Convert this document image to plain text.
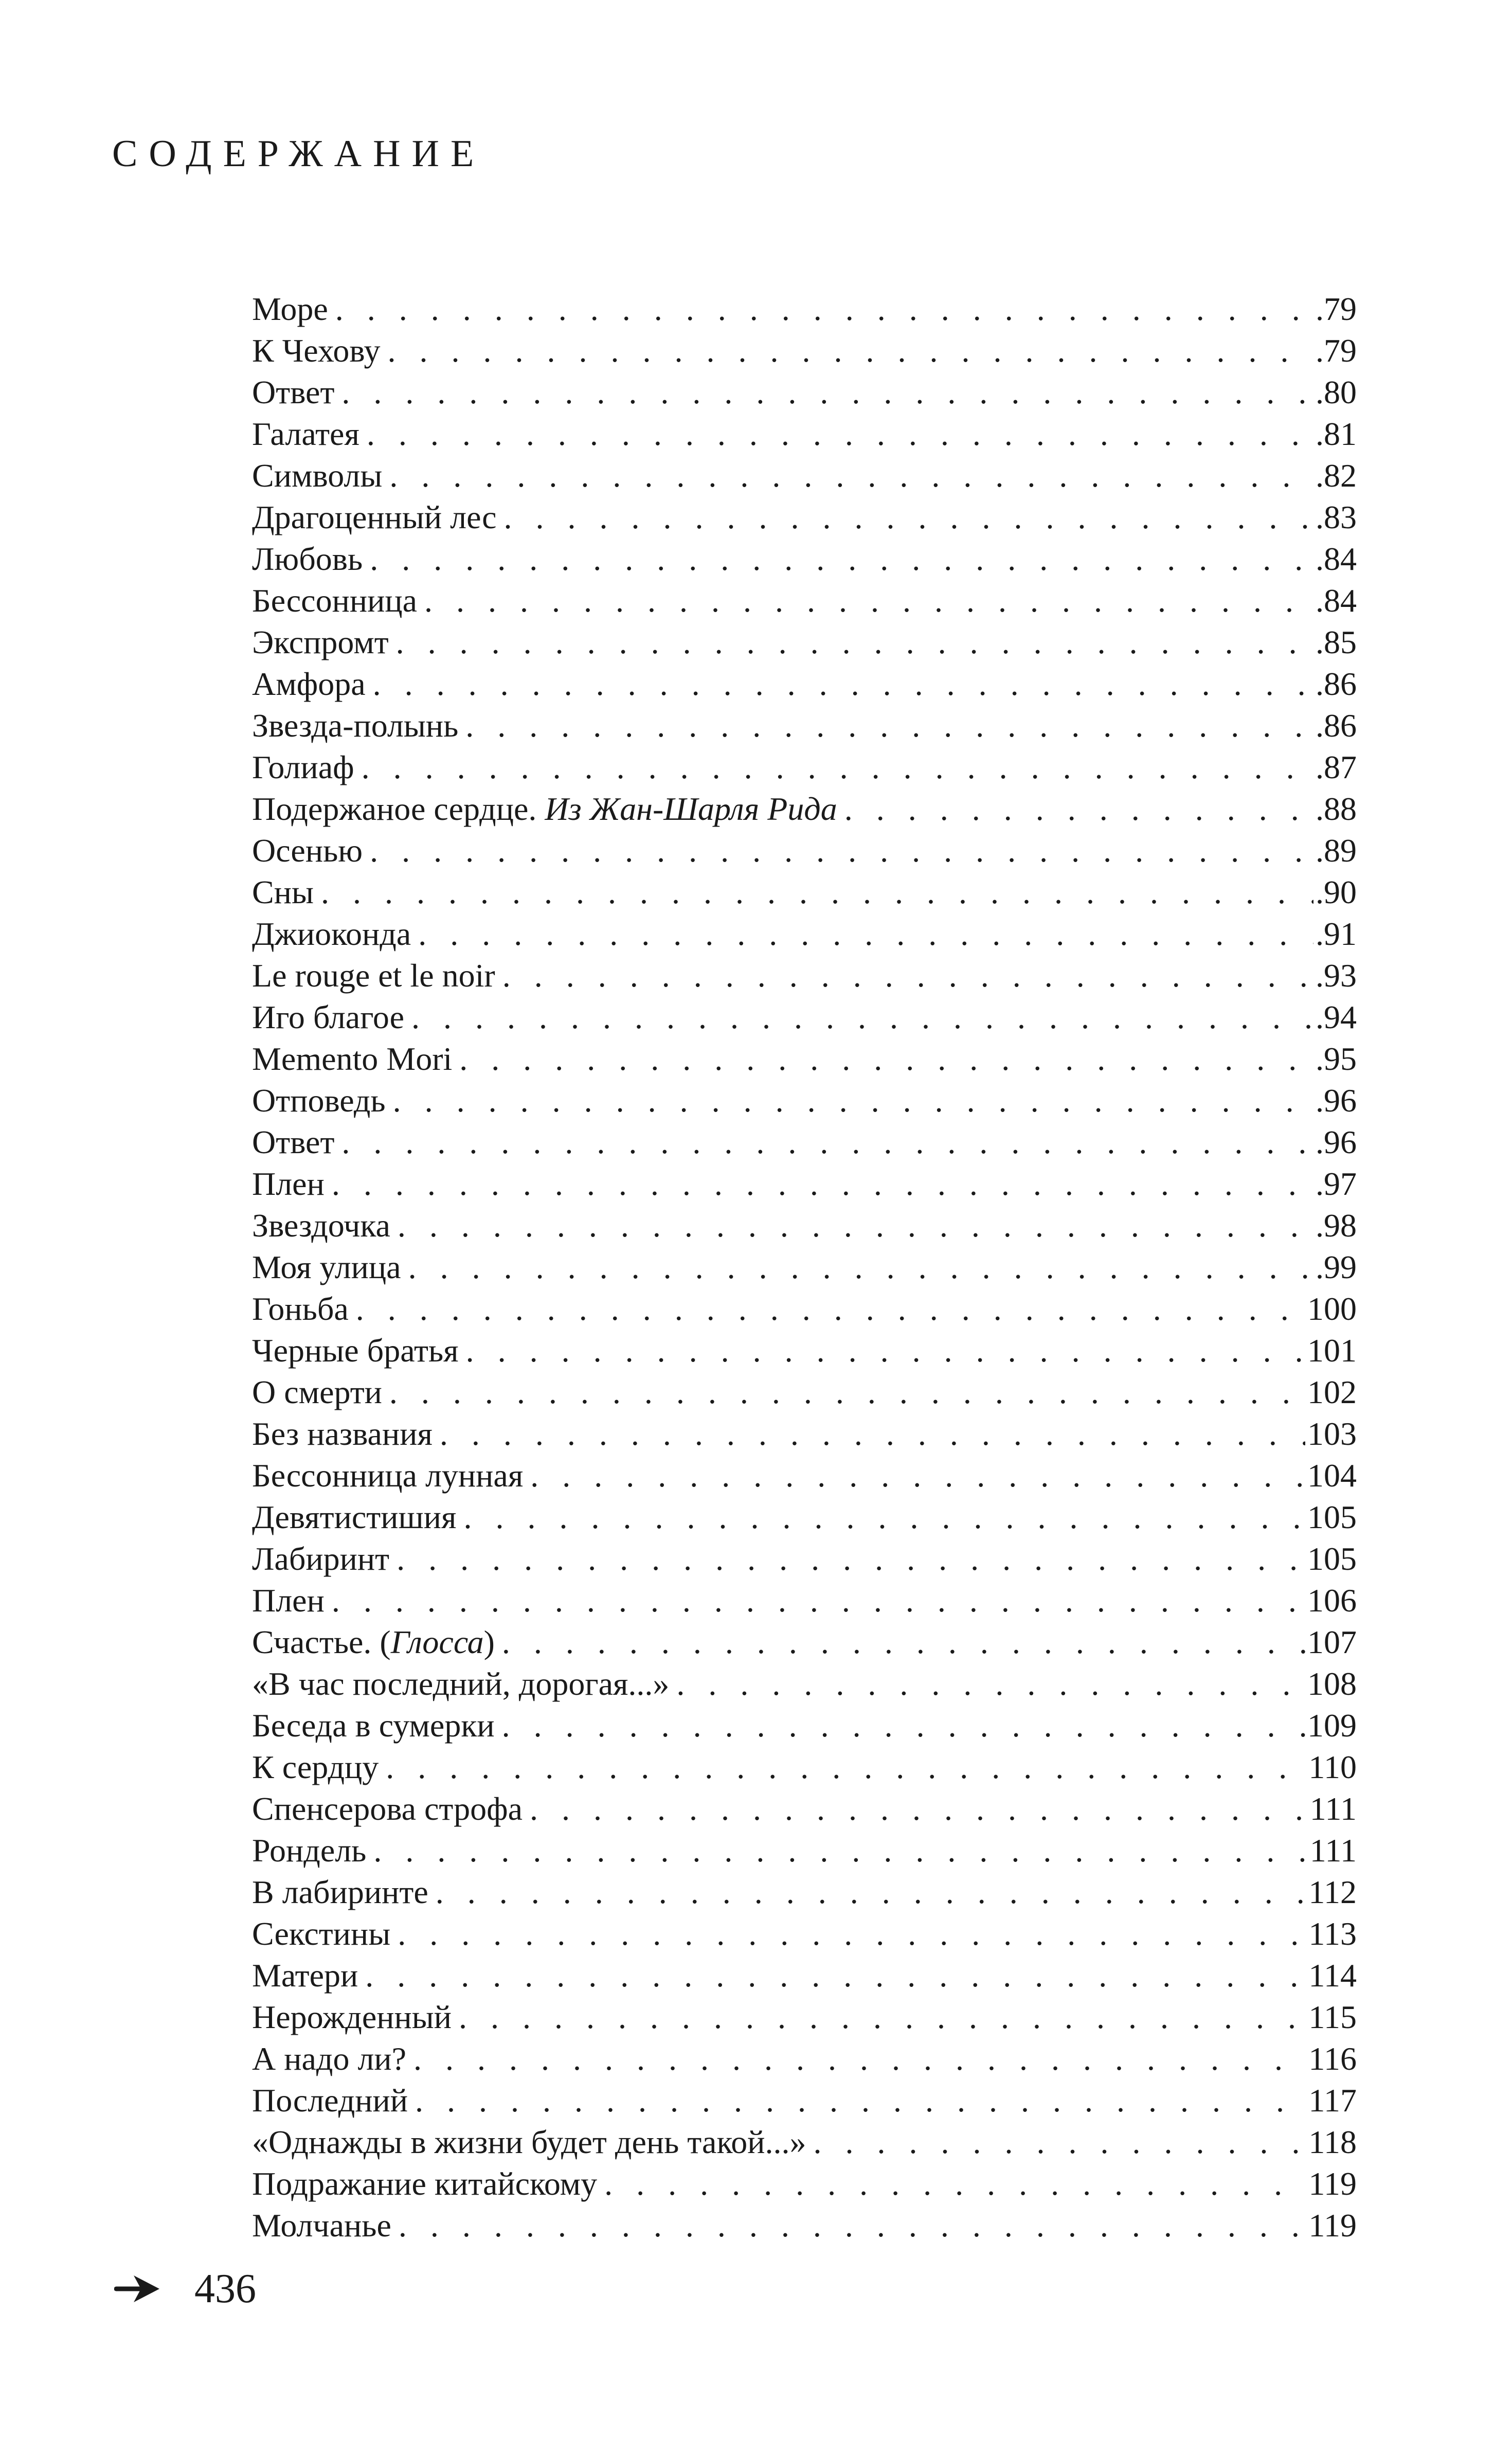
СОДЕРЖАНИЕ
Море . . .	.79
К Чехову . . .	.79
Ответ . . .	.80
Галатея . . .	.81
Символы . . .	.82
Драгоценный лес . . .	.83
Любовь . . .	.84
Бессонница . . .	.84
Экспромт . . .	.85
Амфора . . .	.86
Звезда-полынь . . .	.86
Голиаф . . .	.87
Подержаное сердце. Из Жан-Шарля Рида . . .	.88
Осенью . . .	.89
Сны . . .	.90
Джиоконда . . .	.91
Le rouge et le noir . . .	.93
Иго благое . . .	.94
Memento Mori . . .	.95
Отповедь . . .	.96
Ответ . . .	.96
Плен . . .	.97
Звездочка . . .	.98
Моя улица . . .	.99
Гоньба . . .	100
Черные братья . . .	101
О смерти . . .	102
Без названия . . .	103
Бессонница лунная . . .	104
Девятистишия . . .	105
Лабиринт . . .	105
Плен . . .	106
Счастье. (Глосса) . . .	107
«В час последний, дорогая...» . . .	108
Беседа в сумерки . . .	109
К сердцу . . .	110
Спенсерова строфа . . .	111
Рондель . . .	111
В лабиринте . . .	112
Секстины . . .	113
Матери . . .	114
Нерожденный . . .	115
А надо ли? . . .	116
Последний . . .	117
«Однажды в жизни будет день такой...» . . .	118
Подражание китайскому . . .	119
Молчанье . . .	119
436
